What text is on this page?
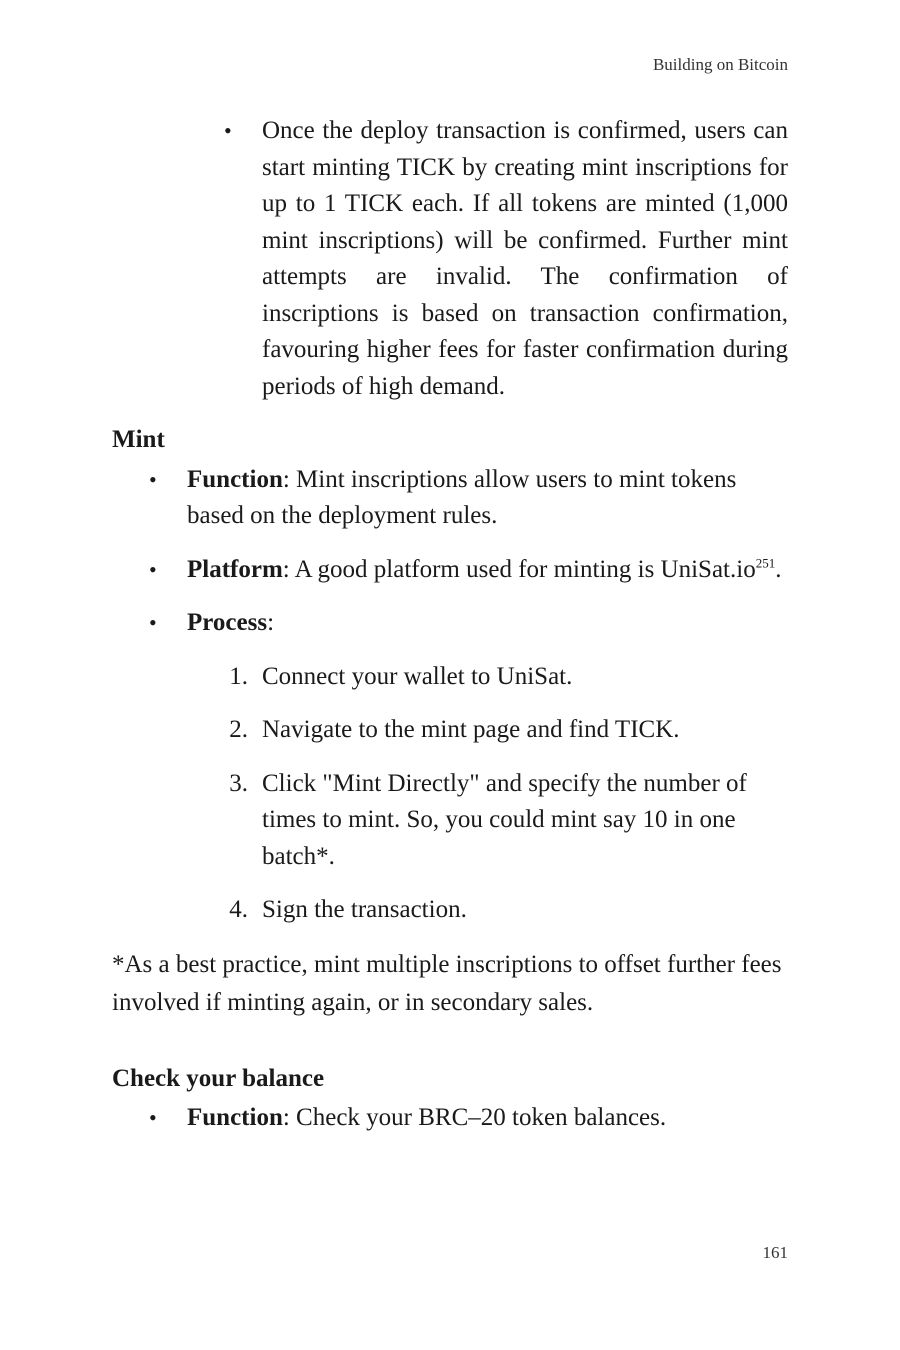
Building on Bitcoin
• Once the deploy transaction is confirmed, users can start minting TICK by creating mint inscriptions for up to 1 TICK each. If all tokens are minted (1,000 mint inscriptions) will be confirmed. Further mint attempts are invalid. The confirmation of inscriptions is based on transaction confirmation, favouring higher fees for faster confirmation during periods of high demand.

Mint
• Function: Mint inscriptions allow users to mint tokens based on the deployment rules.

• Platform: A good platform used for minting is $UniSat.io^{251}$.

• Process:

1. Connect your wallet to UniSat.

2. Navigate to the mint page and find TICK.

3. Click "Mint Directly" and specify the number of times to mint. So, you could mint say 10 in one batch*.

4. Sign the transaction.

*As a best practice, mint multiple inscriptions to offset further fees involved if minting again, or in secondary sales.

Check your balance
• Function: Check your BRC–20 token balances.

161
